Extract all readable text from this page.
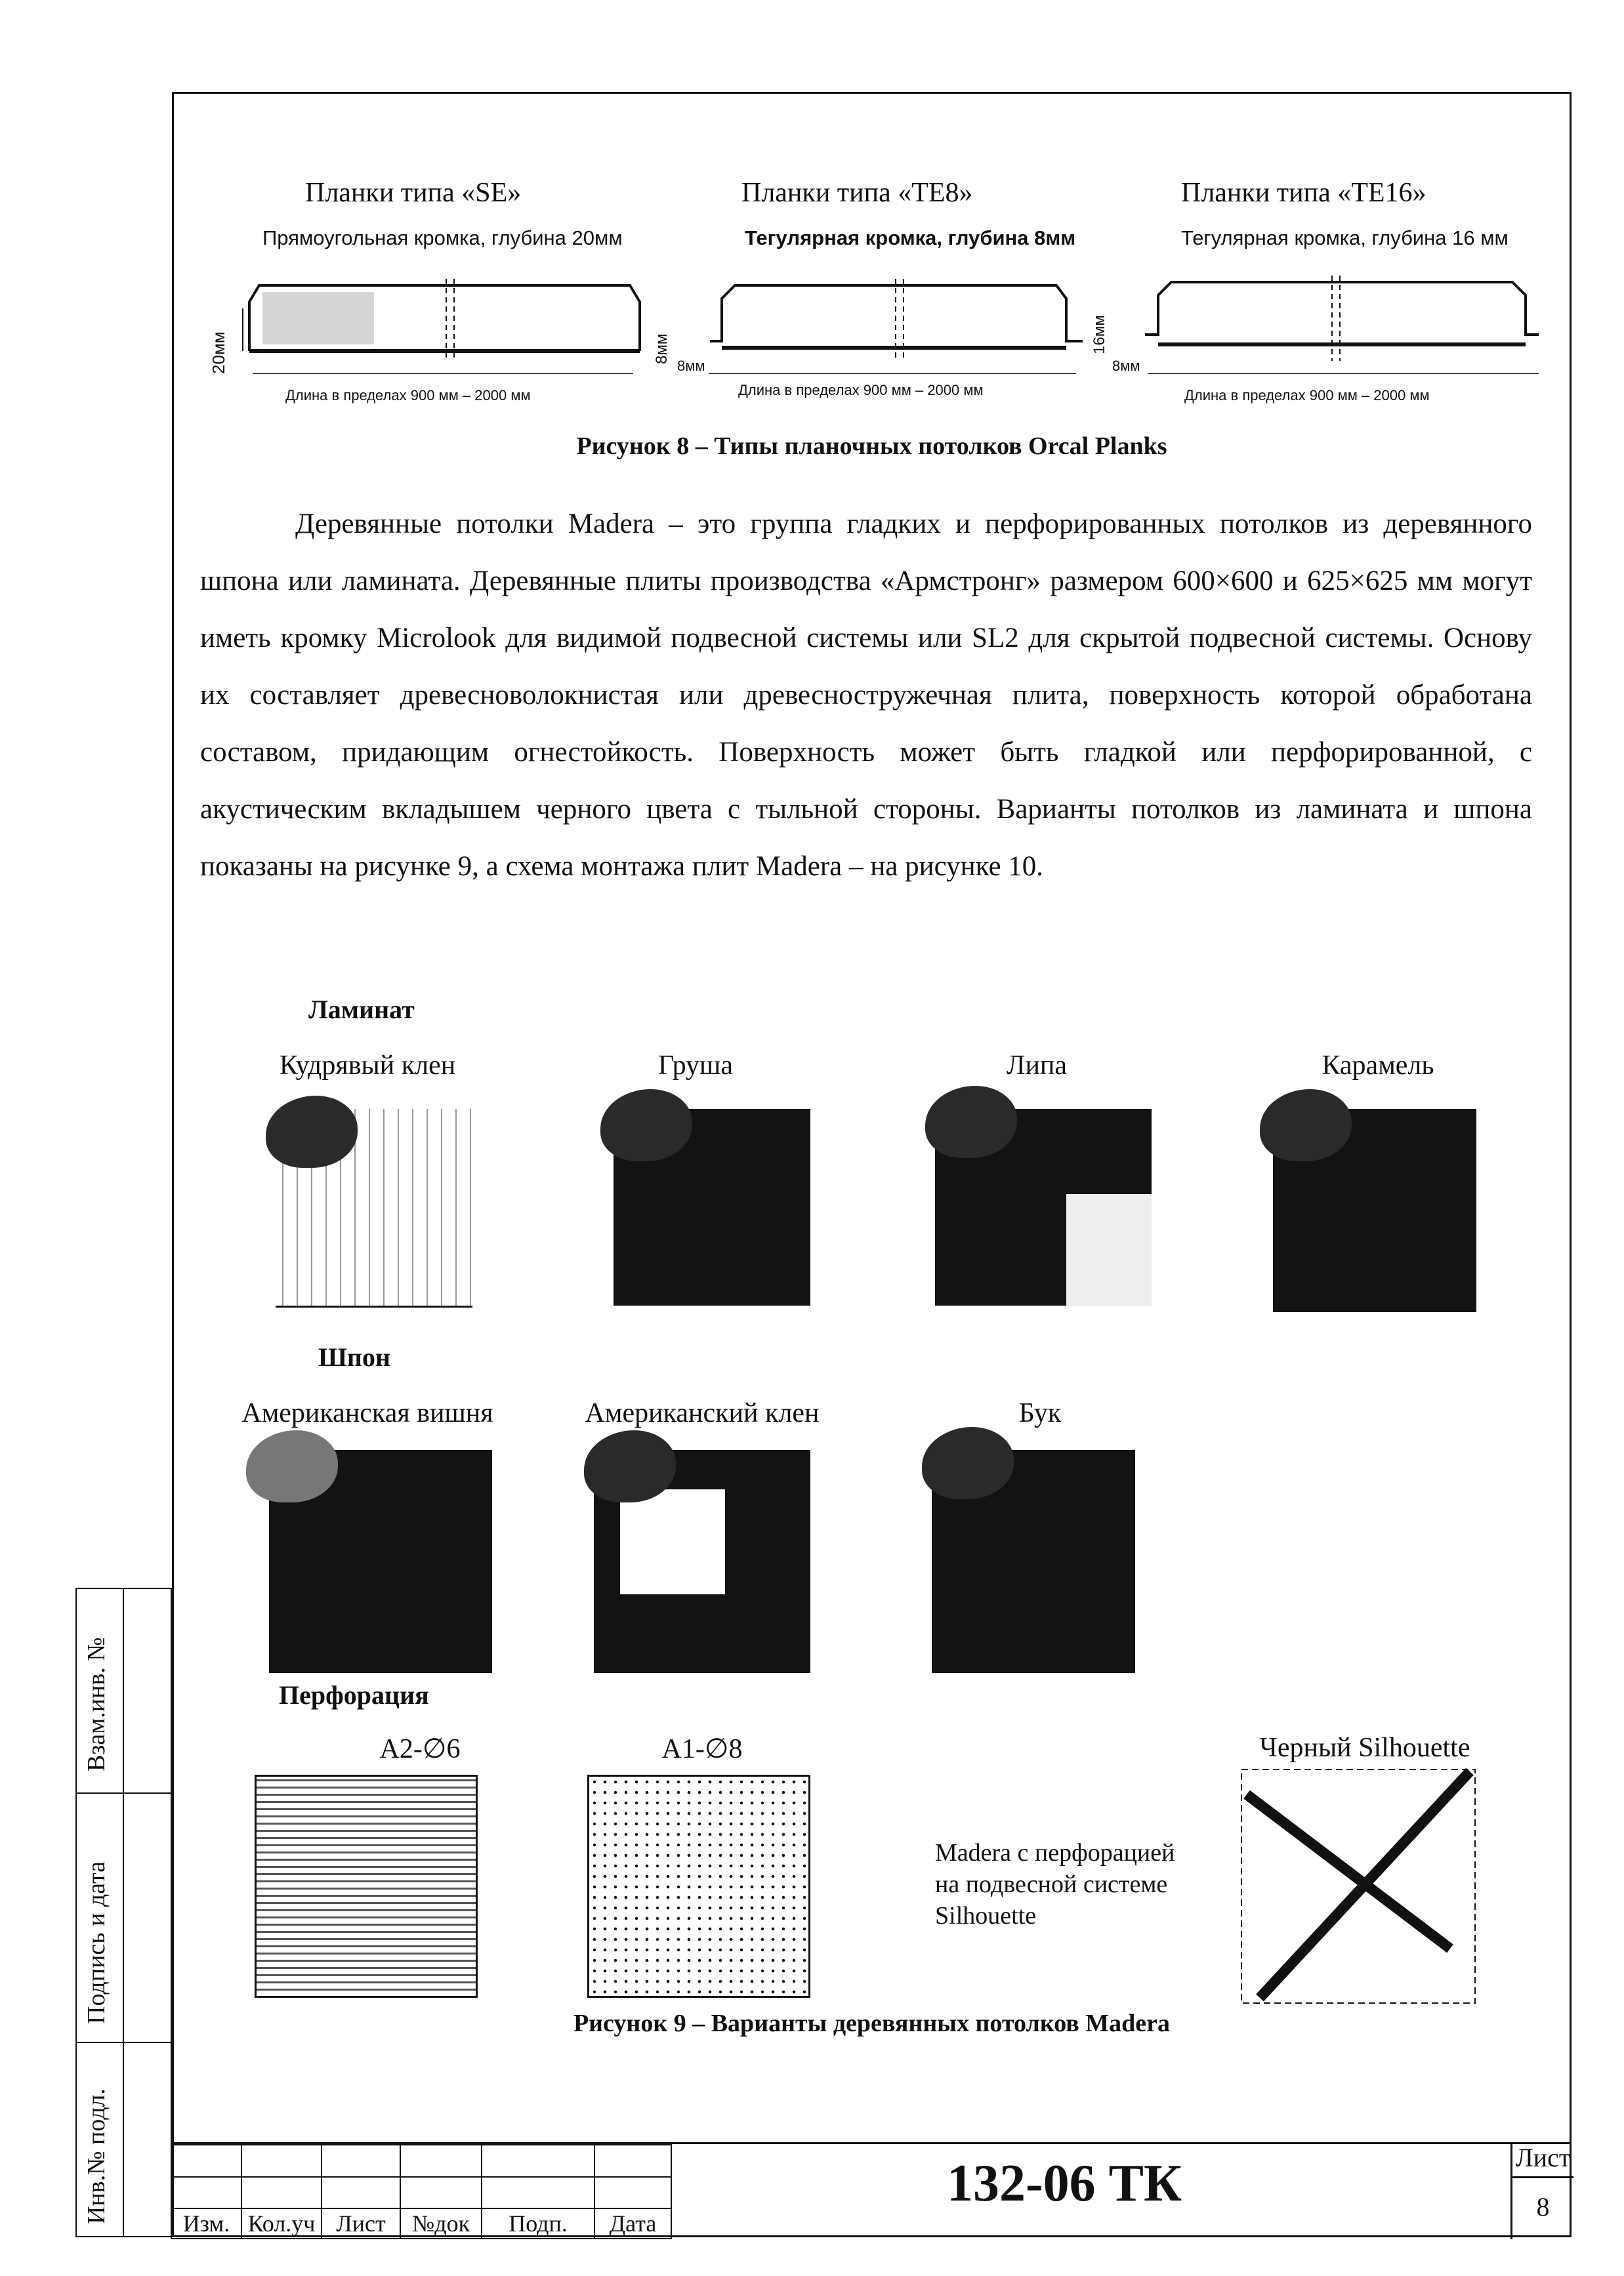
Планки типа «SE»
Прямоугольная кромка, глубина 20мм
Планки типа «TE8»
Тегулярная кромка, глубина 8мм
Планки типа «TE16»
Тегулярная кромка, глубина 16 мм
20мм	8мм
8мм
16мм
8мм
Длина в пределах 900 мм – 2000 мм	Длина в пределах 900 мм – 2000 мм	Длина в пределах 900 мм – 2000 мм
Рисунок 8 – Типы планочных потолков Orcal Planks

Деревянные потолки Madera – это группа гладких и перфорированных потолков из деревянного шпона или ламината. Деревянные плиты производства «Армстронг» размером 600×600 и 625×625 мм могут иметь кромку Microlook для видимой подвесной системы или SL2 для скрытой подвесной системы. Основу их составляет древесноволокнистая или древесностружечная плита, поверхность которой обработана составом, придающим огнестойкость. Поверхность может быть гладкой или перфорированной, с акустическим вкладышем черного цвета с тыльной стороны. Варианты потолков из ламината и шпона показаны на рисунке 9, а схема монтажа плит Madera – на рисунке 10.

Ламинат
Кудрявый клен	Груша	Липа	Карамель
Шпон
Американская вишня	Американский клен	Бук
Перфорация
A2-∅6	A1-∅8	Черный Silhouette
Madera с перфорацией на подвесной системе Silhouette
Рисунок 9 – Варианты деревянных потолков Madera
Взам.инв. №
Подпись и дата
Инв.№ подл.

						Изм.	Кол.уч	Лист	№док	Подп.	Дата
132-06 ТК	Лист
8
